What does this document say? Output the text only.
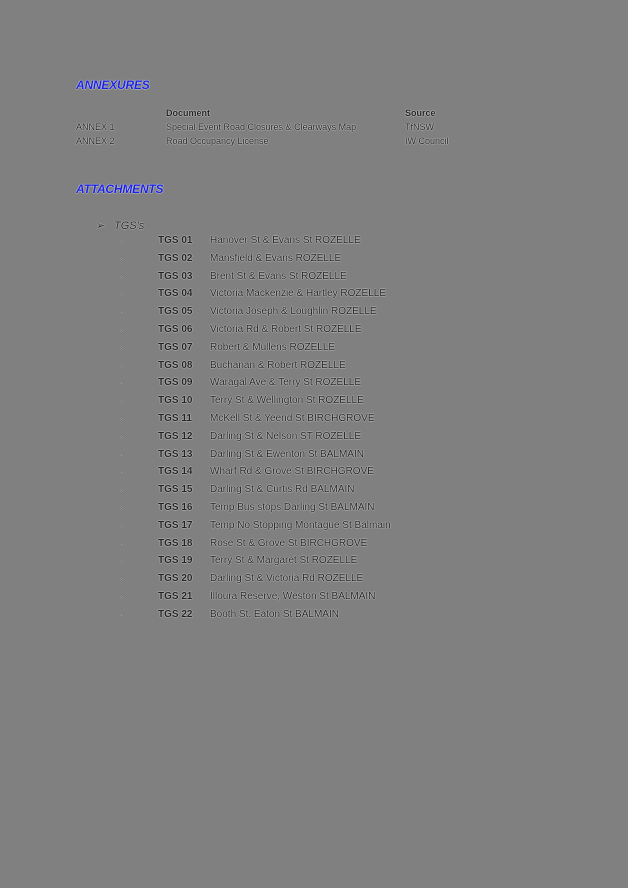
ANNEXURES
Document	Source
ANNEX 1	Special Event Road Closures & Clearways Map	TfNSW
ANNEX 2	Road Occupancy License	IW Council
ATTACHMENTS
➢ TGS's
◦	TGS 01 Hanover St & Evans St ROZELLE
◦	TGS 02 Mansfield & Evans ROZELLE
◦	TGS 03 Brent St & Evans St ROZELLE
◦	TGS 04 Victoria Mackenzie & Hartley ROZELLE
◦	TGS 05 Victoria Joseph & Loughlin ROZELLE
◦	TGS 06 Victoria Rd & Robert St ROZELLE
◦	TGS 07 Robert & Mullens ROZELLE
◦	TGS 08 Buchanan & Robert ROZELLE
◦	TGS 09 Waragal Ave & Terry St ROZELLE
◦	TGS 10 Terry St & Wellington St ROZELLE
◦	TGS 11 McKell St & Yeend St BIRCHGROVE
◦	TGS 12 Darling St & Nelson ST ROZELLE
◦	TGS 13 Darling St & Ewenton St BALMAIN
◦	TGS 14 Wharf Rd & Grove St BIRCHGROVE
◦	TGS 15 Darling St & Curtis Rd BALMAIN
◦	TGS 16 Temp Bus stops Darling St BALMAIN
◦	TGS 17 Temp No Stopping Montague St Balmain
◦	TGS 18 Rose St & Grove St BIRCHGROVE
◦	TGS 19 Terry St & Margaret St ROZELLE
◦	TGS 20 Darling St & Victoria Rd ROZELLE
◦	TGS 21 Illoura Reserve, Weston St BALMAIN
◦	TGS 22 Booth St, Eaton St BALMAIN
